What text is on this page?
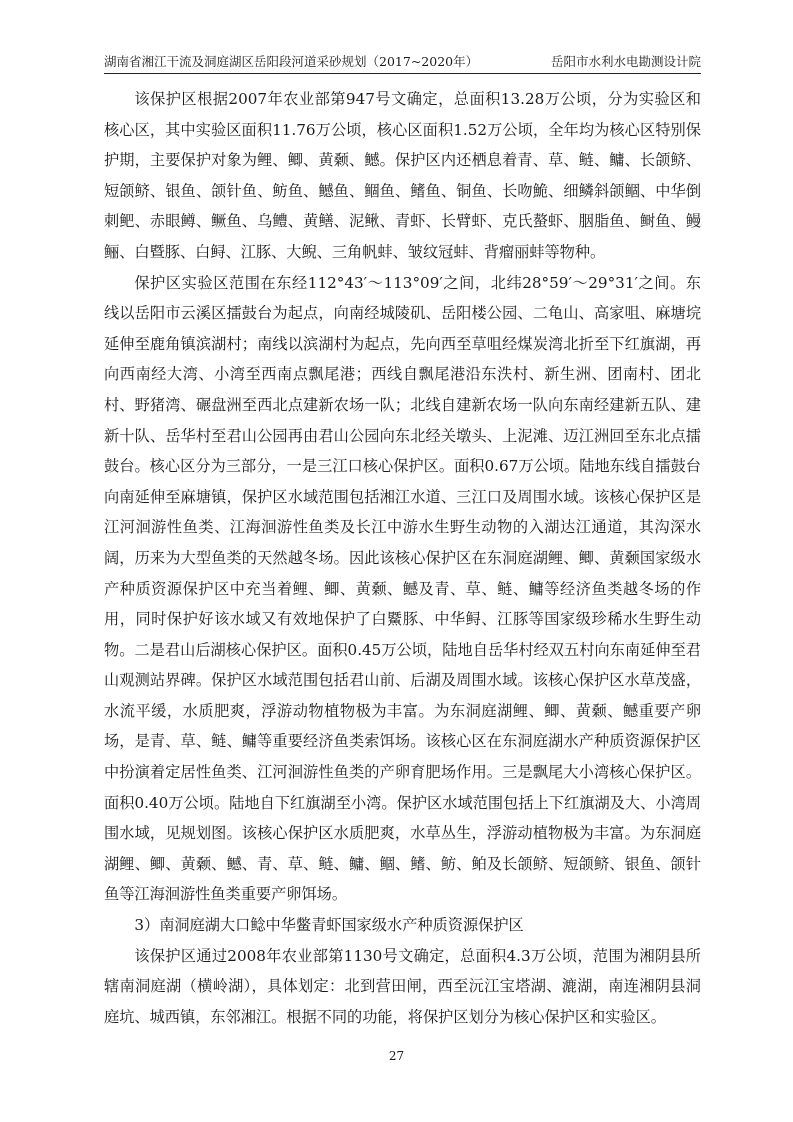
湖南省湘江干流及洞庭湖区岳阳段河道采砂规划（2017~2020年）	岳阳市水利水电勘测设计院

该保护区根据2007年农业部第947号文确定，总面积13.28万公顷，分为实验区和核心区，其中实验区面积11.76万公顷，核心区面积1.52万公顷，全年均为核心区特别保护期，主要保护对象为鲤、鲫、黄颡、鳡。保护区内还栖息着青、草、鲢、鳙、长颌鲚、短颌鲚、银鱼、颌针鱼、鲂鱼、鳡鱼、鲴鱼、鳍鱼、铜鱼、长吻鮠、细鳞斜颌鲴、中华倒刺鲃、赤眼鳟、鳜鱼、乌鳢、黄鳝、泥鳅、青虾、长臂虾、克氏螯虾、胭脂鱼、鲥鱼、鳗鲡、白暨豚、白鲟、江豚、大鲵、三角帆蚌、皱纹冠蚌、背瘤丽蚌等物种。

保护区实验区范围在东经112°43′～113°09′之间，北纬28°59′～29°31′之间。东线以岳阳市云溪区擂鼓台为起点，向南经城陵矶、岳阳楼公园、二龟山、高家咀、麻塘垸延伸至鹿角镇滨湖村；南线以滨湖村为起点，先向西至草咀经煤炭湾北折至下红旗湖，再向西南经大湾、小湾至西南点飘尾港；西线自飘尾港沿东泆村、新生洲、团南村、团北村、野猪湾、碾盘洲至西北点建新农场一队；北线自建新农场一队向东南经建新五队、建新十队、岳华村至君山公园再由君山公园向东北经关墩头、上泥滩、迈江洲回至东北点擂鼓台。核心区分为三部分，一是三江口核心保护区。面积0.67万公顷。陆地东线自擂鼓台向南延伸至麻塘镇，保护区水域范围包括湘江水道、三江口及周围水域。该核心保护区是江河洄游性鱼类、江海洄游性鱼类及长江中游水生野生动物的入湖达江通道，其沟深水阔，历来为大型鱼类的天然越冬场。因此该核心保护区在东洞庭湖鲤、鲫、黄颡国家级水产种质资源保护区中充当着鲤、鲫、黄颡、鳡及青、草、鲢、鳙等经济鱼类越冬场的作用，同时保护好该水域又有效地保护了白鱀豚、中华鲟、江豚等国家级珍稀水生野生动物。二是君山后湖核心保护区。面积0.45万公顷，陆地自岳华村经双五村向东南延伸至君山观测站界碑。保护区水域范围包括君山前、后湖及周围水域。该核心保护区水草茂盛，水流平缓，水质肥爽，浮游动物植物极为丰富。为东洞庭湖鲤、鲫、黄颡、鳡重要产卵场，是青、草、鲢、鳙等重要经济鱼类索饵场。该核心区在东洞庭湖水产种质资源保护区中扮演着定居性鱼类、江河洄游性鱼类的产卵育肥场作用。三是飘尾大小湾核心保护区。面积0.40万公顷。陆地自下红旗湖至小湾。保护区水域范围包括上下红旗湖及大、小湾周围水域，见规划图。该核心保护区水质肥爽，水草丛生，浮游动植物极为丰富。为东洞庭湖鲤、鲫、黄颡、鳡、青、草、鲢、鳙、鲴、鳍、鲂、鲌及长颌鲚、短颌鲚、银鱼、颌针鱼等江海洄游性鱼类重要产卵饵场。

3）南洞庭湖大口鲶中华鳖青虾国家级水产种质资源保护区

该保护区通过2008年农业部第1130号文确定，总面积4.3万公顷，范围为湘阴县所辖南洞庭湖（横岭湖），具体划定：北到营田闸，西至沅江宝塔湖、漉湖，南连湘阴县洞庭坑、城西镇，东邻湘江。根据不同的功能，将保护区划分为核心保护区和实验区。

27
